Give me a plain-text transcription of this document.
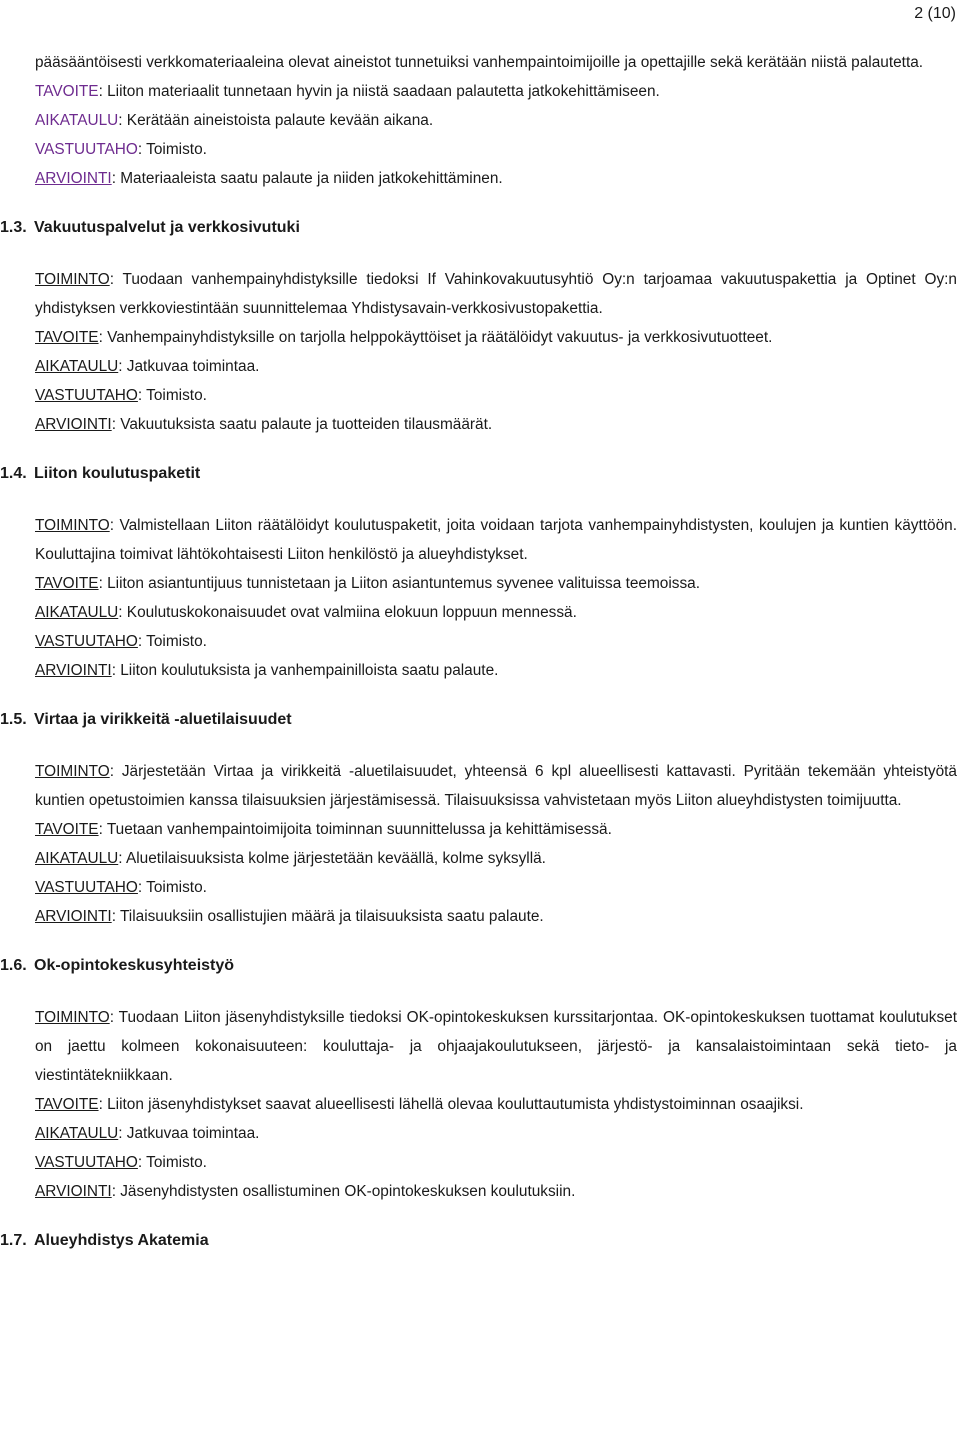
2 (10)
pääsääntöisesti verkkomateriaaleina olevat aineistot tunnetuiksi vanhempaintoimijoille ja opettajille sekä kerätään niistä palautetta.
TAVOITE: Liiton materiaalit tunnetaan hyvin ja niistä saadaan palautetta jatkokehittämiseen.
AIKATAULU: Kerätään aineistoista palaute kevään aikana.
VASTUUTAHO: Toimisto.
ARVIOINTI: Materiaaleista saatu palaute ja niiden jatkokehittäminen.
1.3. Vakuutuspalvelut ja verkkosivutuki
TOIMINTO: Tuodaan vanhempainyhdistyksille tiedoksi If Vahinkovakuutusyhtiö Oy:n tarjoamaa vakuutuspakettia ja Optinet Oy:n yhdistyksen verkkoviestintään suunnittelemaa Yhdistysavain-verkkosivustopakettia.
TAVOITE: Vanhempainyhdistyksille on tarjolla helppokäyttöiset ja räätälöidyt vakuutus- ja verkkosivutuotteet.
AIKATAULU: Jatkuvaa toimintaa.
VASTUUTAHO: Toimisto.
ARVIOINTI: Vakuutuksista saatu palaute ja tuotteiden tilausmäärät.
1.4. Liiton koulutuspaketit
TOIMINTO: Valmistellaan Liiton räätälöidyt koulutuspaketit, joita voidaan tarjota vanhempainyhdistysten, koulujen ja kuntien käyttöön. Kouluttajina toimivat lähtökohtaisesti Liiton henkilöstö ja alueyhdistykset.
TAVOITE: Liiton asiantuntijuus tunnistetaan ja Liiton asiantuntemus syvenee valituissa teemoissa.
AIKATAULU: Koulutuskokonaisuudet ovat valmiina elokuun loppuun mennessä.
VASTUUTAHO: Toimisto.
ARVIOINTI: Liiton koulutuksista ja vanhempainilloista saatu palaute.
1.5. Virtaa ja virikkeitä -aluetilaisuudet
TOIMINTO: Järjestetään Virtaa ja virikkeitä -aluetilaisuudet, yhteensä 6 kpl alueellisesti kattavasti. Pyritään tekemään yhteistyötä kuntien opetustoimien kanssa tilaisuuksien järjestämisessä. Tilaisuuksissa vahvistetaan myös Liiton alueyhdistysten toimijuutta.
TAVOITE: Tuetaan vanhempaintoimijoita toiminnan suunnittelussa ja kehittämisessä.
AIKATAULU: Aluetilaisuuksista kolme järjestetään keväällä, kolme syksyllä.
VASTUUTAHO: Toimisto.
ARVIOINTI: Tilaisuuksiin osallistujien määrä ja tilaisuuksista saatu palaute.
1.6. Ok-opintokeskusyhteistyö
TOIMINTO: Tuodaan Liiton jäsenyhdistyksille tiedoksi OK-opintokeskuksen kurssitarjontaa. OK-opintokeskuksen tuottamat koulutukset on jaettu kolmeen kokonaisuuteen: kouluttaja- ja ohjaajakoulutukseen, järjestö- ja kansalaistoimintaan sekä tieto- ja viestintätekniikkaan.
TAVOITE: Liiton jäsenyhdistykset saavat alueellisesti lähellä olevaa kouluttautumista yhdistystoiminnan osaajiksi.
AIKATAULU: Jatkuvaa toimintaa.
VASTUUTAHO: Toimisto.
ARVIOINTI: Jäsenyhdistysten osallistuminen OK-opintokeskuksen koulutuksiin.
1.7. Alueyhdistys Akatemia
